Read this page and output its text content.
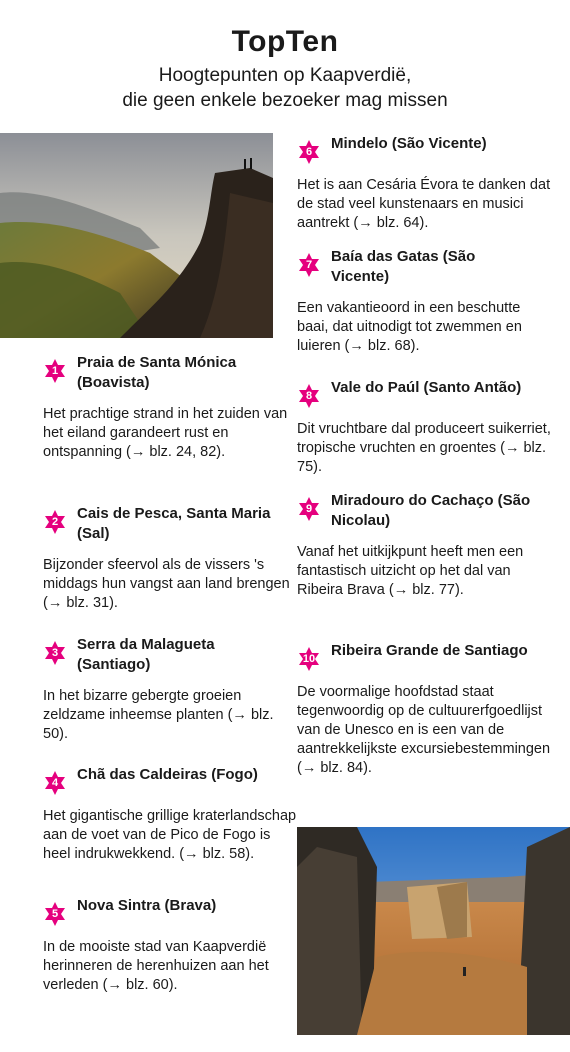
TopTen
Hoogtepunten op Kaapverdië,
die geen enkele bezoeker mag missen
1	Praia de Santa Mónica (Boavista)
Het prachtige strand in het zuiden van het eiland garandeert rust en ontspanning (→ blz. 24, 82).
2	Cais de Pesca, Santa Maria (Sal)
Bijzonder sfeervol als de vissers 's middags hun vangst aan land brengen (→ blz. 31).
3	Serra da Malagueta (Santiago)
In het bizarre gebergte groeien zeldzame inheemse planten (→ blz. 50).
4	Chã das Caldeiras (Fogo)
Het gigantische grillige kraterlandschap aan de voet van de Pico de Fogo is heel indrukwekkend. (→ blz. 58).
5	Nova Sintra (Brava)
In de mooiste stad van Kaapverdië herinneren de herenhuizen aan het verleden (→ blz. 60).
6	Mindelo (São Vicente)
Het is aan Cesária Évora te danken dat de stad veel kunstenaars en musici aantrekt (→ blz. 64).
7	Baía das Gatas (São Vicente)
Een vakantieoord in een beschutte baai, dat uitnodigt tot zwemmen en luieren (→ blz. 68).
8	Vale do Paúl (Santo Antão)
Dit vruchtbare dal produceert suikerriet, tropische vruchten en groentes (→ blz. 75).
9	Miradouro do Cachaço (São Nicolau)
Vanaf het uitkijkpunt heeft men een fantastisch uitzicht op het dal van Ribeira Brava (→ blz. 77).
10	Ribeira Grande de Santiago
De voormalige hoofdstad staat tegenwoordig op de cultuurerfgoedlijst van de Unesco en is een van de aantrekkelijkste excursiebestemmingen (→ blz. 84).
